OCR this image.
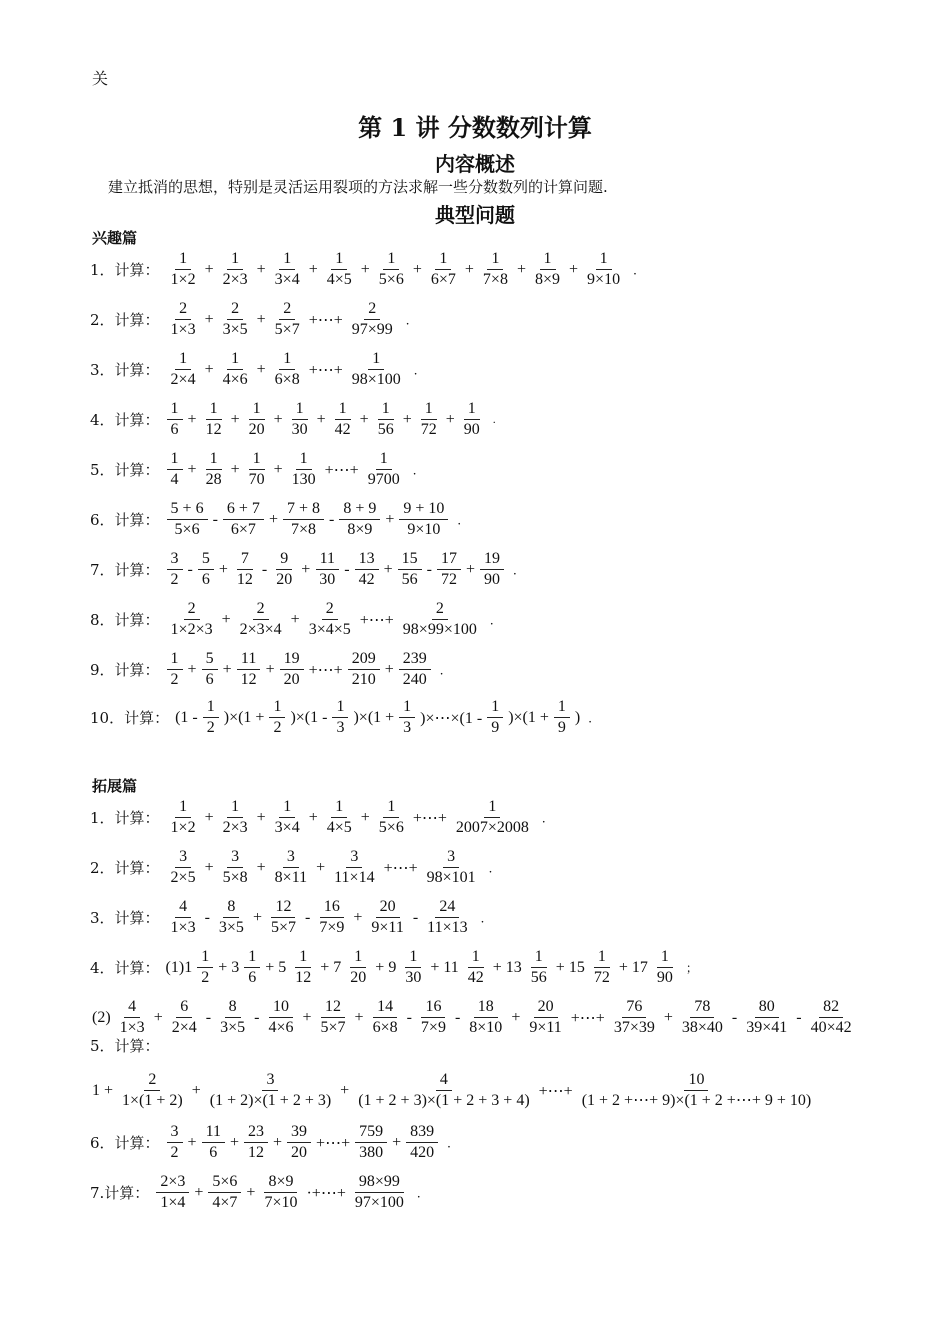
关
第 1 讲 分数数列计算
内容概述
建立抵消的思想，特别是灵活运用裂项的方法求解一些分数数列的计算问题.
典型问题
兴趣篇
拓展篇
1．计算： $\frac{1}{1\times 2} + \frac{1}{2\times 3} + \frac{1}{3\times 4} + \frac{1}{4\times 5} + \frac{1}{5\times 6} + \frac{1}{6\times 7} + \frac{1}{7\times 8} + \frac{1}{8\times 9} + \frac{1}{9\times 10}$ ．
2．计算： $\frac{2}{1\times 3} + \frac{2}{3\times 5} + \frac{2}{5\times 7}$ +⋯+ $\frac{2}{97\times 99}$ ．
3．计算： $\frac{1}{2\times 4} + \frac{1}{4\times 6} + \frac{1}{6\times 8}$ +⋯+ $\frac{1}{98\times 100}$ ．
4．计算： $\frac{1}{6} + \frac{1}{12} + \frac{1}{20} + \frac{1}{30} + \frac{1}{42} + \frac{1}{56} + \frac{1}{72} + \frac{1}{90}$ .
5．计算： $\frac{1}{4} + \frac{1}{28} + \frac{1}{70} + \frac{1}{130}$ +⋯+ $\frac{1}{9700}$ ．
6．计算： $\frac{5 + 6}{5\times 6} - \frac{6 + 7}{6\times 7} + \frac{7 + 8}{7\times 8} - \frac{8 + 9}{8\times 9} + \frac{9 + 10}{9\times 10}$ ．
7．计算： $\frac{3}{2} - \frac{5}{6} + \frac{7}{12} - \frac{9}{20} + \frac{11}{30} - \frac{13}{42} + \frac{15}{56} - \frac{17}{72} + \frac{19}{90}$ ．
8．计算： $\frac{2}{1\times 2\times 3} + \frac{2}{2\times 3\times 4} + \frac{2}{3\times 4\times 5}$ +⋯+ $\frac{2}{98\times 99\times 100}$ ．
9．计算： $\frac{1}{2} + \frac{5}{6} + \frac{11}{12} + \frac{19}{20}$ +⋯+ $\frac{209}{210} + \frac{239}{240}$ ．
10．计算： $(1 - \frac{1}{2} )\times(1 + \frac{1}{2} )\times(1 - \frac{1}{3} )\times(1 + \frac{1}{3}$ )×⋯×(1 - $\frac{1}{9} )\times(1 + \frac{1}{9}$ ) ．
1．计算： $\frac{1}{1\times 2} + \frac{1}{2\times 3} + \frac{1}{3\times 4} + \frac{1}{4\times 5} + \frac{1}{5\times 6}$ +⋯+ $\frac{1}{2007\times 2008}$ ．
2．计算： $\frac{3}{2\times 5} + \frac{3}{5\times 8} + \frac{3}{8\times 11} + \frac{3}{11\times 14}$ +⋯+ $\frac{3}{98\times 101}$ ．
3．计算： $\frac{4}{1\times 3} - \frac{8}{3\times 5} + \frac{12}{5\times 7} - \frac{16}{7\times 9} + \frac{20}{9\times 11} - \frac{24}{11\times 13}$ ．
4．计算： $(1)1 \frac{1}{2} + 3 \frac{1}{6} + 5 \frac{1}{12} + 7 \frac{1}{20} + 9 \frac{1}{30} + 11 \frac{1}{42} + 13 \frac{1}{56} + 15 \frac{1}{72} + 17 \frac{1}{90}$ ；
$(2) \frac{4}{1\times 3} + \frac{6}{2\times 4} - \frac{8}{3\times 5} - \frac{10}{4\times 6} + \frac{12}{5\times 7} + \frac{14}{6\times 8} - \frac{16}{7\times 9} - \frac{18}{8\times 10} + \frac{20}{9\times 11}$ +⋯+ $\frac{76}{37\times 39} + \frac{78}{38\times 40} - \frac{80}{39\times 41} - \frac{82}{40\times 42}$
5．计算：
$1 + \frac{2}{1\times(1 + 2)} + \frac{3}{(1 + 2)\times(1 + 2 + 3)} + \frac{4}{(1 + 2 + 3)\times(1 + 2 + 3 + 4)}$ +⋯+ $\frac{10}{(1 + 2 +\cdots+ 9)\times(1 + 2 +\cdots+ 9 + 10)}$
6．计算： $\frac{3}{2} + \frac{11}{6} + \frac{23}{12} + \frac{39}{20}$ +⋯+ $\frac{759}{380} + \frac{839}{420}$ ．
7.计算： $\frac{2\times 3}{1\times 4} + \frac{5\times 6}{4\times 7} + \frac{8\times 9}{7\times 10}$ ·+⋯+ $\frac{98\times 99}{97\times 100}$ ．
